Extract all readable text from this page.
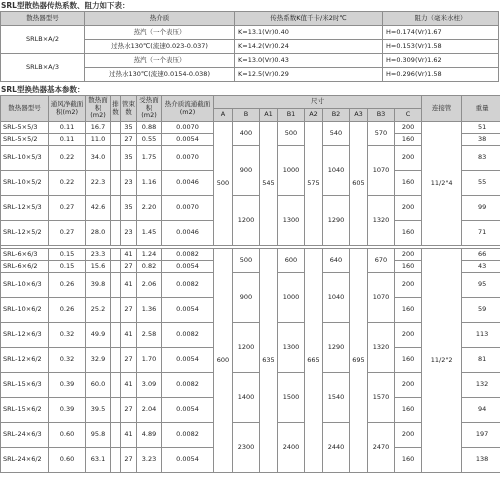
SRL型散热器传热系数、阻力如下表：
散热器型号	热介质	传热系数K值千卡/米2时℃	阻力（毫米水柱）
SRLB×A/2	蒸汽（一个表压）	K=13.1(Vr)0.40	H=0.174(Vr)1.67
	过热水130℃(流速0.023-0.037)	K=14.2(Vr)0.24	H=0.153(Vr)1.58
SRLB×A/3	蒸汽（一个表压）	K=13.0(Vr)0.43	H=0.309(Vr)1.62
	过热水130℃(流速0.0154-0.038)	K=12.5(Vr)0.29	H=0.296(Vr)1.58
SRL型换热器基本参数：
散热器型号	通风净截面积(m2)	散热面积(m2)	排数	管束数	受热面积(m2)	热介质流通截面(m2)	尺寸									连接管	重量
							A	B	A1	B1	A2	B2	A3	B3	C		
SRL-5×5/3	0.11	16.7		35	0.88	0.0070	500	400	545	500	575	540	605	570	200	11/2"4	51
SRL-5×5/2	0.11	11.0		27	0.55	0.0054									160		38
SRL-10×5/3	0.22	34.0		35	1.75	0.0070		900		1000		1040		1070	200		83
SRL-10×5/2	0.22	22.3		23	1.16	0.0046									160		55
SRL-12×5/3	0.27	42.6		35	2.20	0.0070		1200		1300		1290		1320	200		99
SRL-12×5/2	0.27	28.0		23	1.45	0.0046									160		71

SRL-6×6/3	0.15	23.3		41	1.24	0.0082	600	500	635	600	665	640	695	670	200	11/2"2	66
SRL-6×6/2	0.15	15.6		27	0.82	0.0054									160		43
SRL-10×6/3	0.26	39.8		41	2.06	0.0082		900		1000		1040		1070	200		95
SRL-10×6/2	0.26	25.2		27	1.36	0.0054									160		59
SRL-12×6/3	0.32	49.9		41	2.58	0.0082		1200		1300		1290		1320	200		113
SRL-12×6/2	0.32	32.9		27	1.70	0.0054									160		81
SRL-15×6/3	0.39	60.0		41	3.09	0.0082		1400		1500		1540		1570	200		132
SRL-15×6/2	0.39	39.5		27	2.04	0.0054									160		94
SRL-24×6/3	0.60	95.8		41	4.89	0.0082		2300		2400		2440		2470	200		197
SRL-24×6/2	0.60	63.1		27	3.23	0.0054									160		138
